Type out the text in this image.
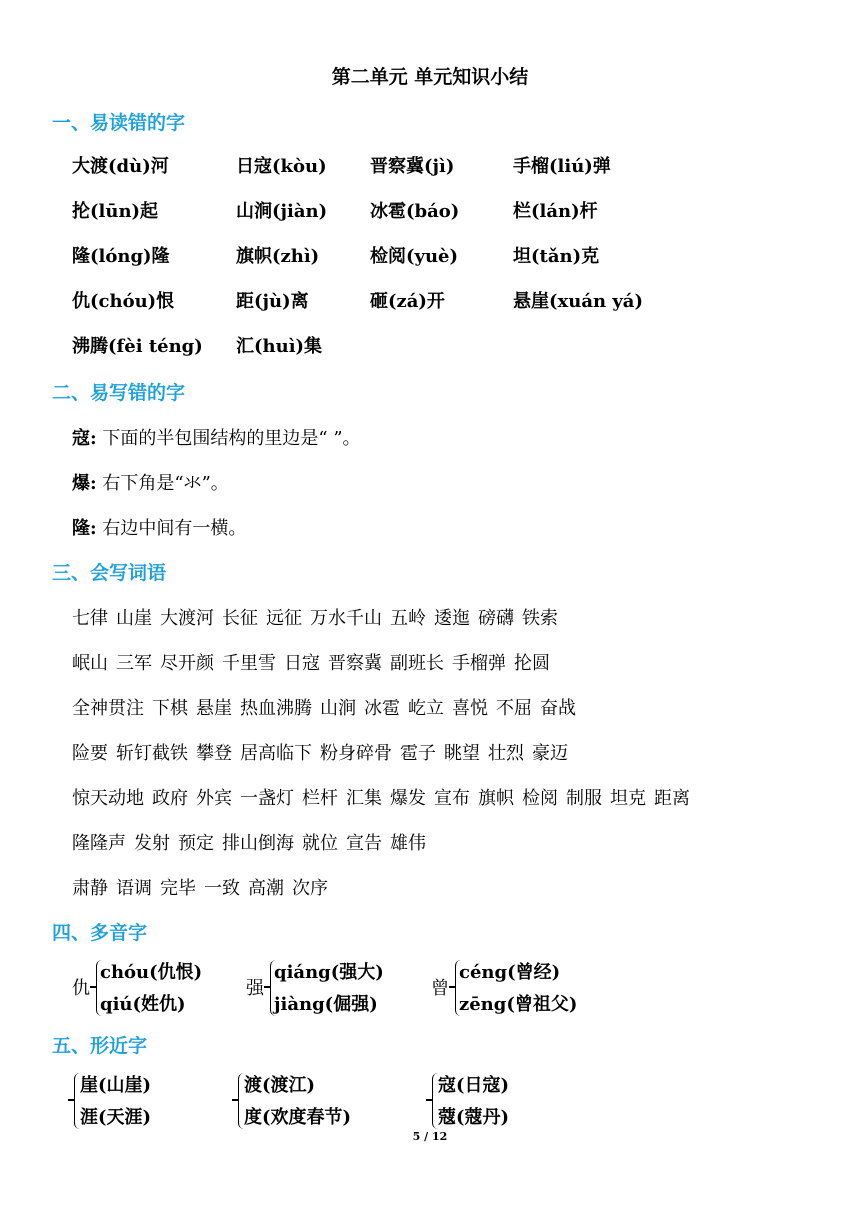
第二单元 单元知识小结
一、易读错的字
大渡(dù)河	日寇(kòu) 晋察冀(jì)	手榴(liú)弹
抡(lūn)起	山涧(jiàn) 冰雹(báo)	栏(lán)杆
隆(lóng)隆	旗帜(zhì)	检阅(yuè)	坦(tǎn)克
仇(chóu)恨	距(jù)离	砸(zá)开	悬崖(xuán yá)
沸腾(fèi téng) 汇(huì)集
二、易写错的字
寇: 下面的半包围结构的里边是“ ”。
爆: 右下角是“氺”。
隆: 右边中间有一横。
三、会写词语
七律 山崖 大渡河 长征 远征 万水千山 五岭 逶迤 磅礴 铁索
岷山 三军 尽开颜 千里雪 日寇 晋察冀 副班长 手榴弹 抡圆
全神贯注 下棋 悬崖 热血沸腾 山涧 冰雹 屹立 喜悦 不屈 奋战
险要 斩钉截铁 攀登 居高临下 粉身碎骨 雹子 眺望 壮烈 豪迈
惊天动地 政府 外宾 一盏灯 栏杆 汇集 爆发 宣布 旗帜 检阅 制服 坦克 距离
隆隆声 发射 预定 排山倒海 就位 宣告 雄伟
肃静 语调 完毕 一致 高潮 次序
四、多音字
仇
chóu(仇恨)
qiú(姓仇)
强
qiáng(强大)
jiàng(倔强)
曾
céng(曾经)
zēng(曾祖父)
五、形近字
崖(山崖)
涯(天涯)
渡(渡江)
度(欢度春节)
寇(日寇)
蔻(蔻丹)
5 / 12
